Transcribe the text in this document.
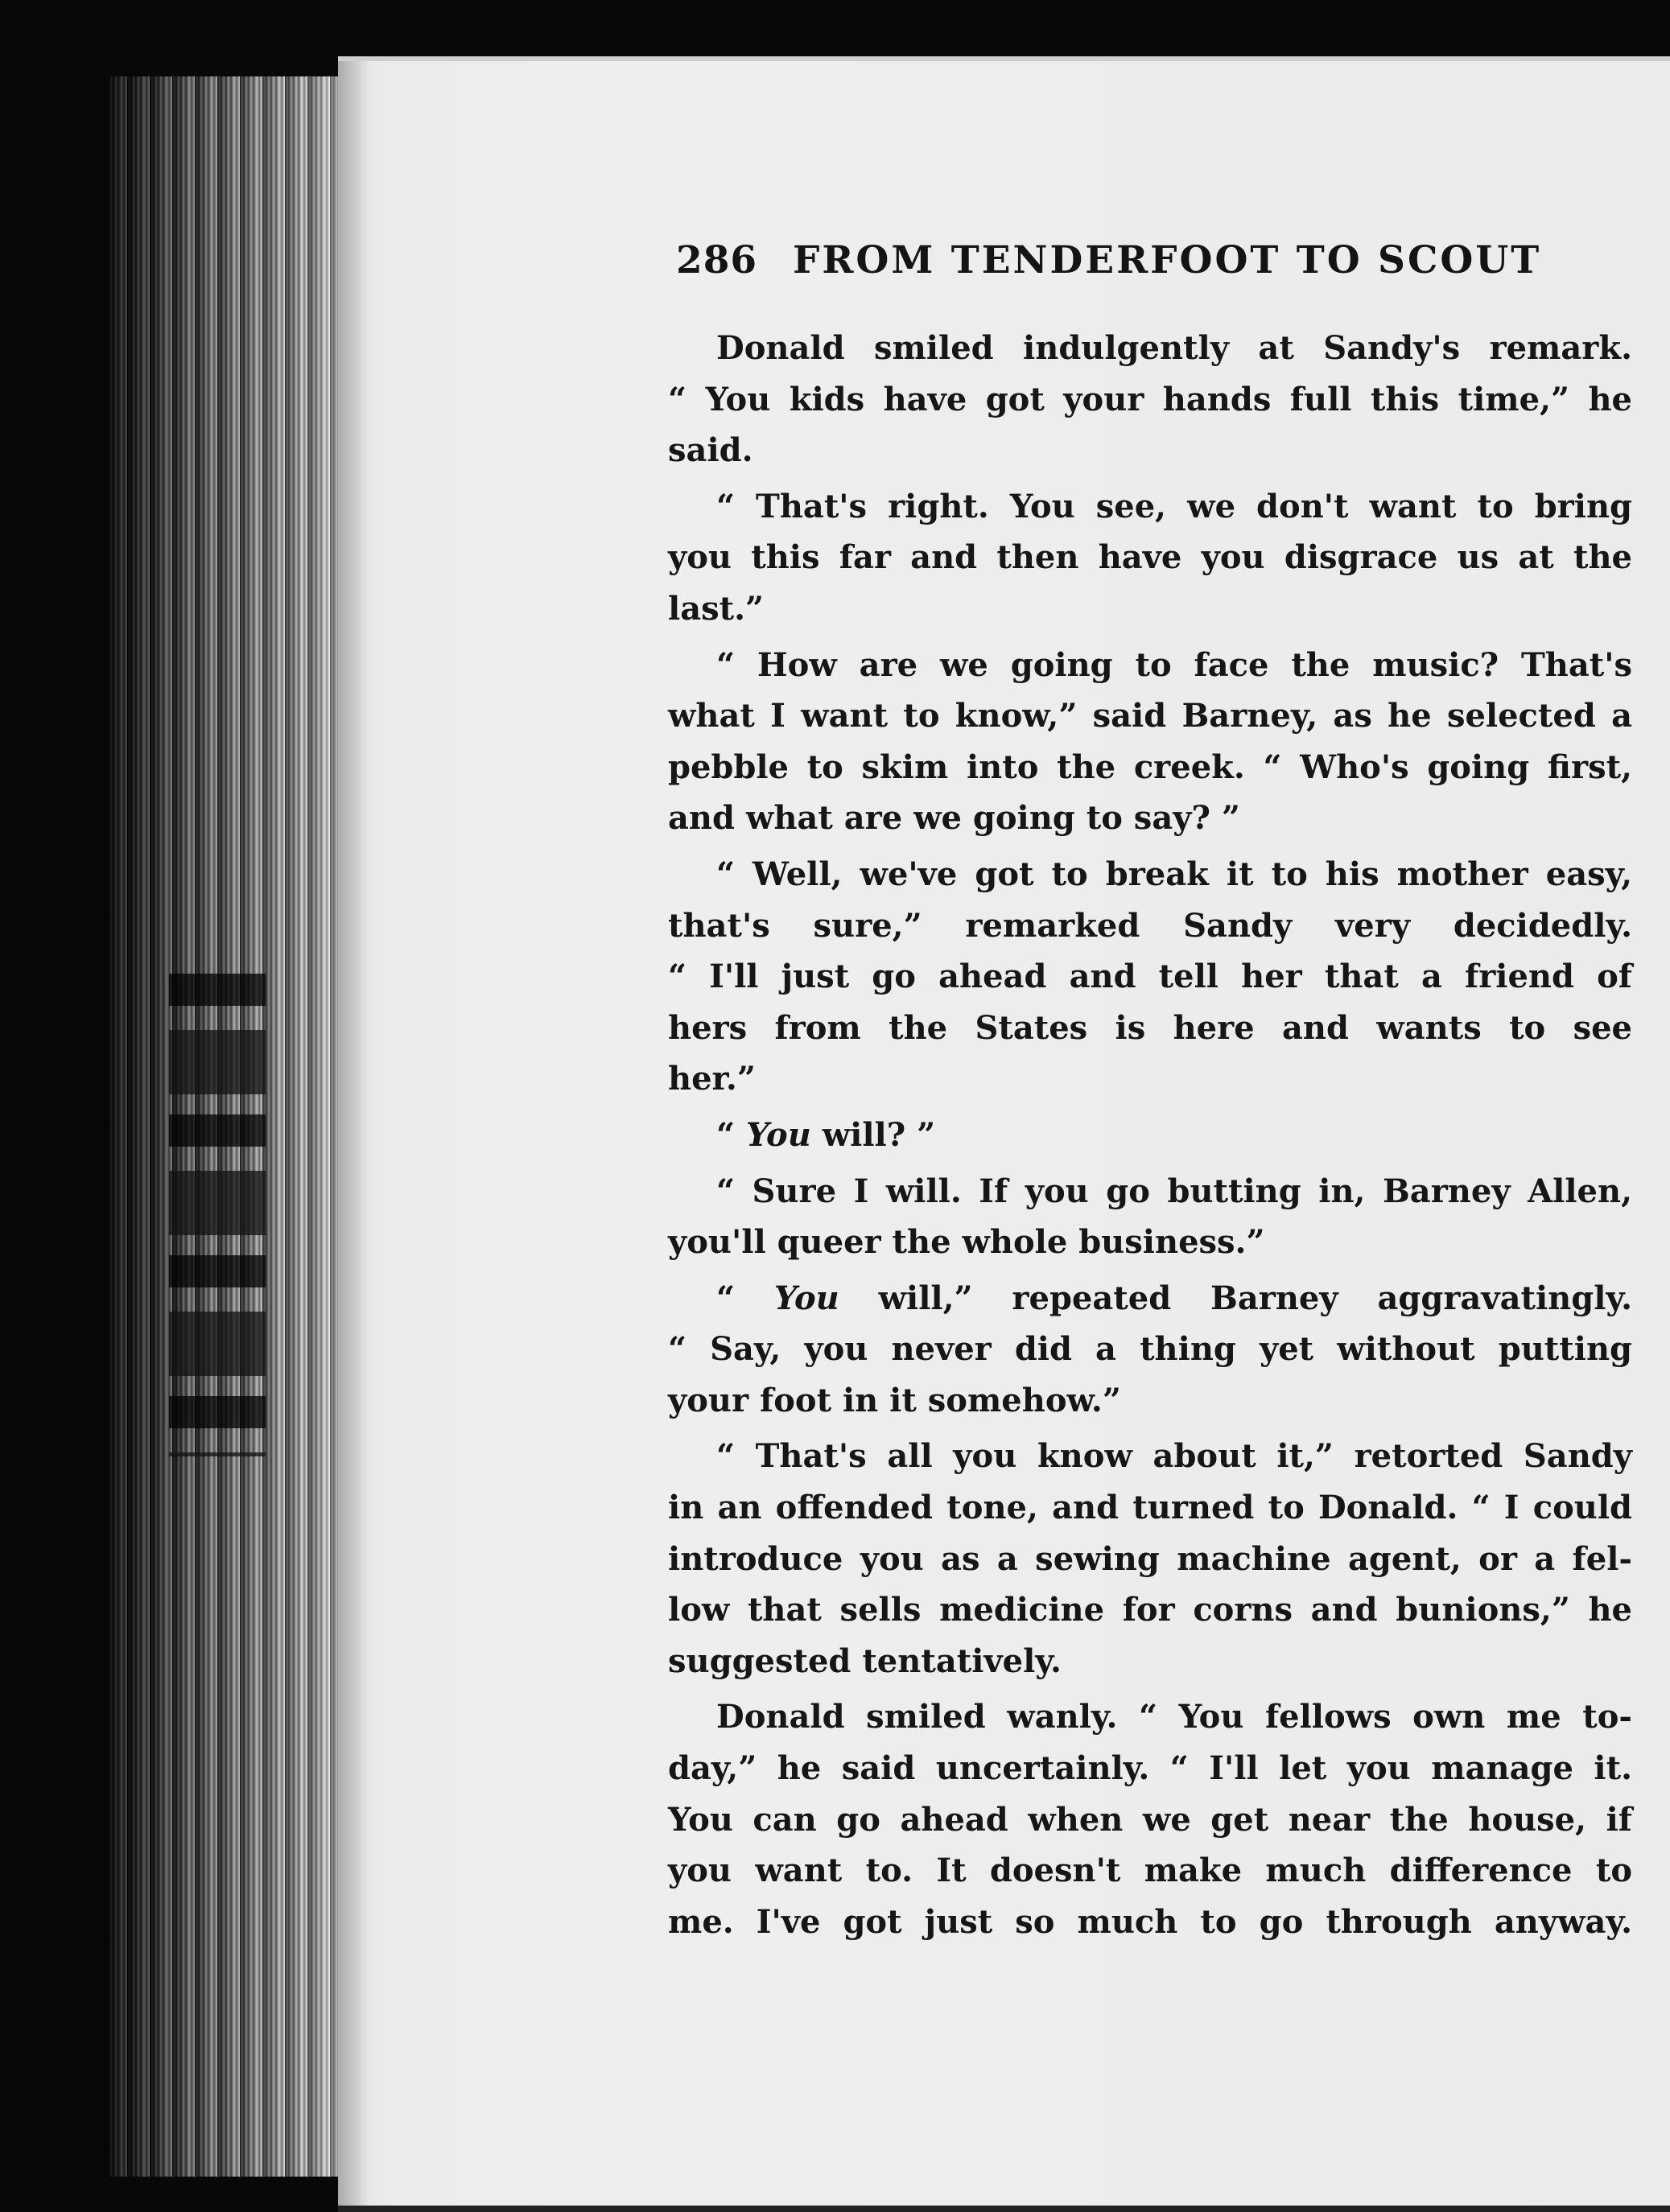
286 FROM TENDERFOOT TO SCOUT
Donald smiled indulgently at Sandy's remark.
“ You kids have got your hands full this time,” he
said.
“ That's right. You see, we don't want to bring
you this far and then have you disgrace us at the
last.”
“ How are we going to face the music? That's
what I want to know,” said Barney, as he selected a
pebble to skim into the creek. “ Who's going first,
and what are we going to say? ”
“ Well, we've got to break it to his mother easy,
that's sure,” remarked Sandy very decidedly.
“ I'll just go ahead and tell her that a friend of
hers from the States is here and wants to see
her.”
“ You will? ”
“ Sure I will. If you go butting in, Barney Allen,
you'll queer the whole business.”
“ You will,” repeated Barney aggravatingly.
“ Say, you never did a thing yet without putting
your foot in it somehow.”
“ That's all you know about it,” retorted Sandy
in an offended tone, and turned to Donald. “ I could
introduce you as a sewing machine agent, or a fel-
low that sells medicine for corns and bunions,” he
suggested tentatively.
Donald smiled wanly. “ You fellows own me to-
day,” he said uncertainly. “ I'll let you manage it.
You can go ahead when we get near the house, if
you want to. It doesn't make much difference to
me. I've got just so much to go through anyway.
